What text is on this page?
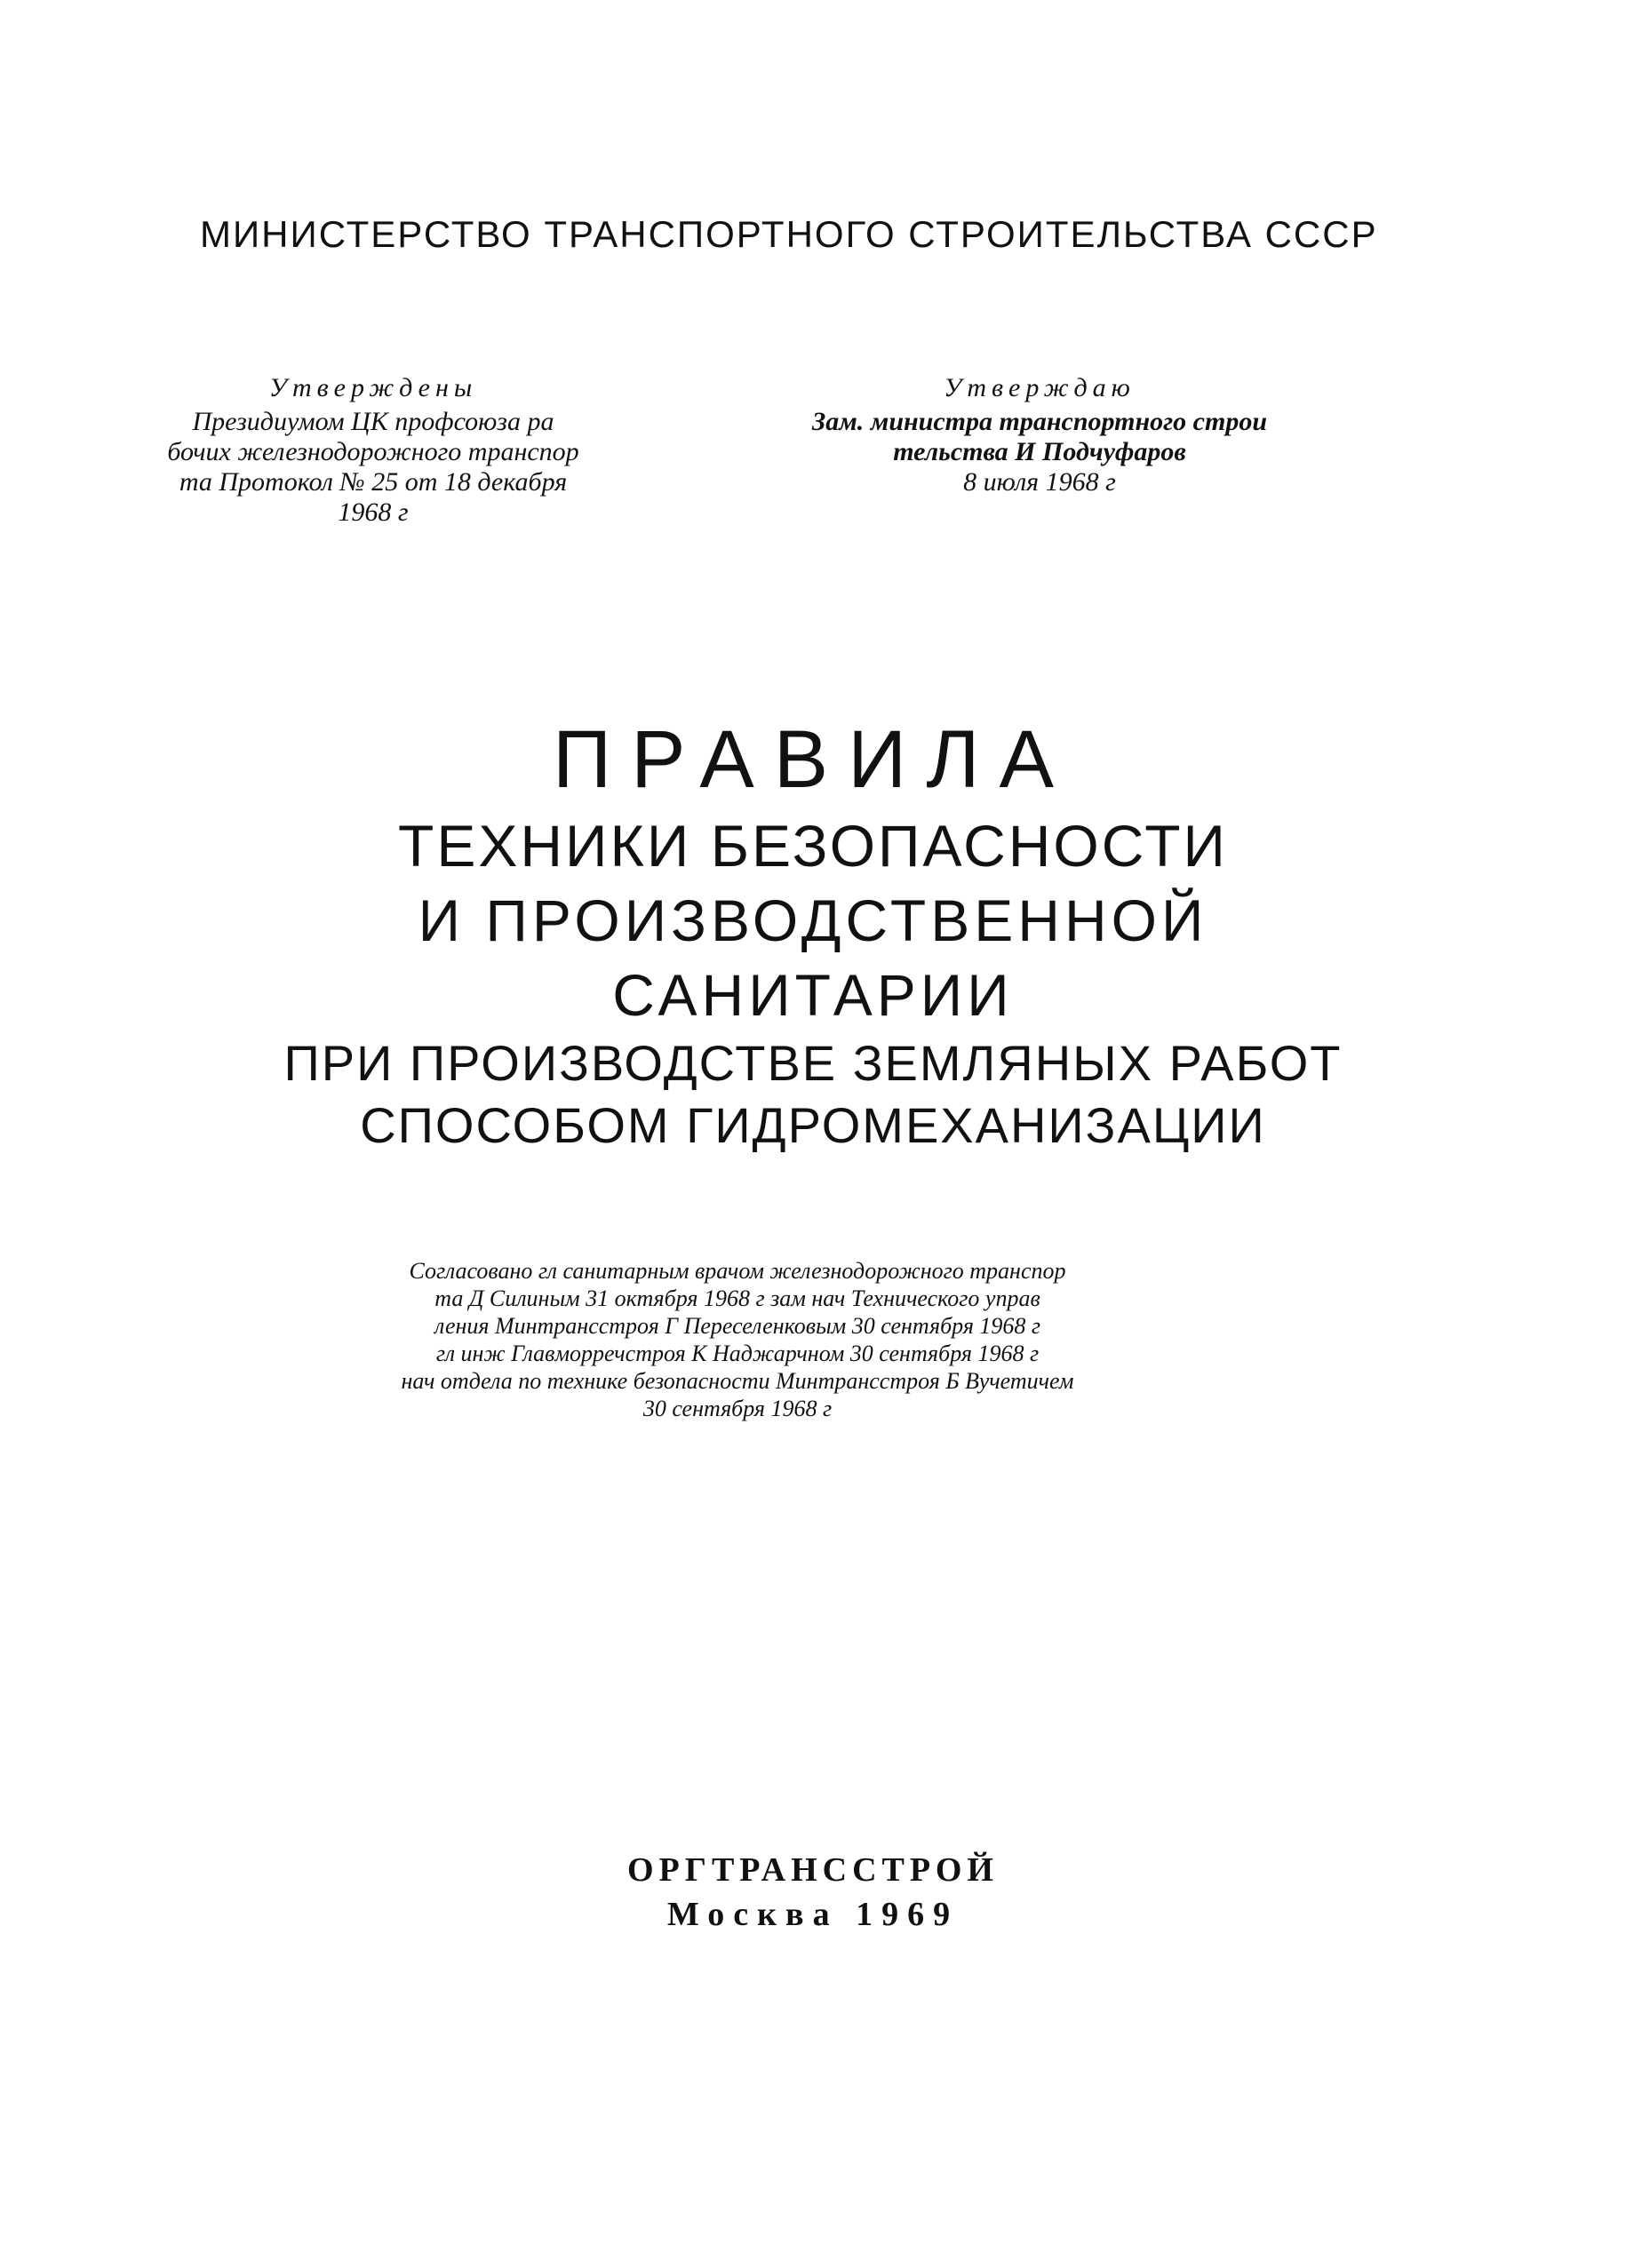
МИНИСТЕРСТВО ТРАНСПОРТНОГО СТРОИТЕЛЬСТВА СССР
Утверждены
Президиумом ЦК профсоюза ра
бочих железнодорожного транспор
та Протокол № 25 от 18 декабря
1968 г
Утверждаю
Зам. министра транспортного строи
тельства И Подчуфаров
8 июля 1968 г
ПРАВИЛА
ТЕХНИКИ БЕЗОПАСНОСТИ
И ПРОИЗВОДСТВЕННОЙ
САНИТАРИИ
ПРИ ПРОИЗВОДСТВЕ ЗЕМЛЯНЫХ РАБОТ
СПОСОБОМ ГИДРОМЕХАНИЗАЦИИ
Согласовано гл санитарным врачом железнодорожного транспор
та Д Силиным 31 октября 1968 г зам нач Технического управ
ления Минтрансстроя Г Переселенковым 30 сентября 1968 г
гл инж Главморречстроя К Наджарчном 30 сентября 1968 г
нач отдела по технике безопасности Минтрансстроя Б Вучетичем
30 сентября 1968 г
ОРГТРАНССТРОЙ
Москва 1969
